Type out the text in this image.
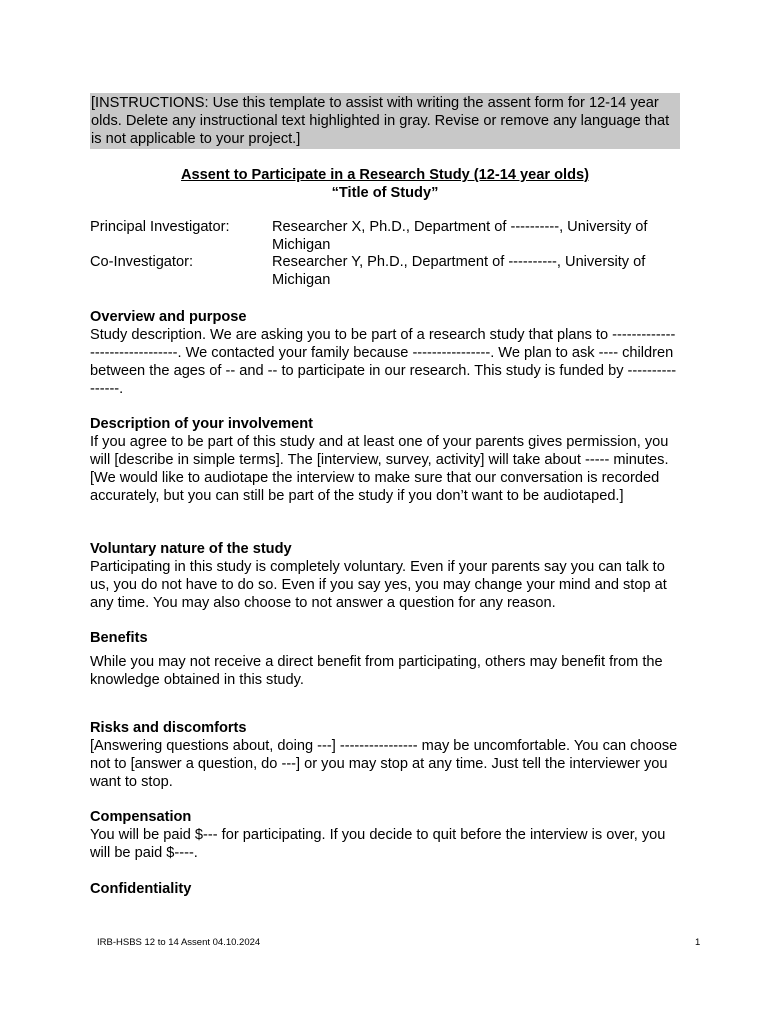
[INSTRUCTIONS: Use this template to assist with writing the assent form for 12-14 year olds. Delete any instructional text highlighted in gray. Revise or remove any language that is not applicable to your project.]
Assent to Participate in a Research Study (12-14 year olds)
“Title of Study”
Principal Investigator:	Researcher X, Ph.D., Department of ----------, University of Michigan
Co-Investigator:	Researcher Y, Ph.D., Department of ----------, University of Michigan
Overview and purpose

Study description. We are asking you to be part of a research study that plans to -------------------------------. We contacted your family because ----------------. We plan to ask ---- children between the ages of -- and -- to participate in our research. This study is funded by ----------------.

Description of your involvement

If you agree to be part of this study and at least one of your parents gives permission, you will [describe in simple terms]. The [interview, survey, activity] will take about ----- minutes. [We would like to audiotape the interview to make sure that our conversation is recorded accurately, but you can still be part of the study if you don’t want to be audiotaped.]

Voluntary nature of the study

Participating in this study is completely voluntary. Even if your parents say you can talk to us, you do not have to do so. Even if you say yes, you may change your mind and stop at any time. You may also choose to not answer a question for any reason.

Benefits

While you may not receive a direct benefit from participating, others may benefit from the knowledge obtained in this study.

Risks and discomforts

[Answering questions about, doing ---] ---------------- may be uncomfortable. You can choose not to [answer a question, do ---] or you may stop at any time. Just tell the interviewer you want to stop.

Compensation

You will be paid $--- for participating. If you decide to quit before the interview is over, you will be paid $----.

Confidentiality
IRB-HSBS 12 to 14 Assent 04.10.2024	1
